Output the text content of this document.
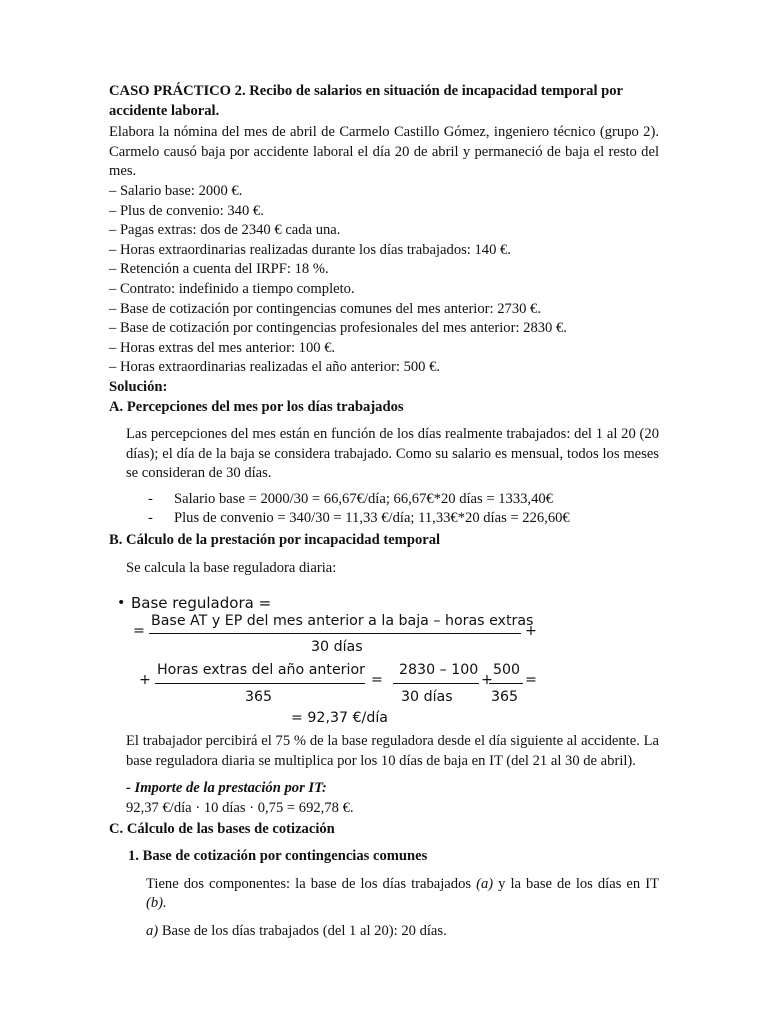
CASO PRÁCTICO 2. Recibo de salarios en situación de incapacidad temporal por
accidente laboral.

Elabora la nómina del mes de abril de Carmelo Castillo Gómez, ingeniero técnico (grupo 2). Carmelo causó baja por accidente laboral el día 20 de abril y permaneció de baja el resto del mes.

– Salario base: 2000 €.
– Plus de convenio: 340 €.
– Pagas extras: dos de 2340 € cada una.
– Horas extraordinarias realizadas durante los días trabajados: 140 €.
– Retención a cuenta del IRPF: 18 %.
– Contrato: indefinido a tiempo completo.
– Base de cotización por contingencias comunes del mes anterior: 2730 €.
– Base de cotización por contingencias profesionales del mes anterior: 2830 €.
– Horas extras del mes anterior: 100 €.
– Horas extraordinarias realizadas el año anterior: 500 €.

Solución:

A. Percepciones del mes por los días trabajados

Las percepciones del mes están en función de los días realmente trabajados: del 1 al 20 (20 días); el día de la baja se considera trabajado. Como su salario es mensual, todos los meses se consideran de 30 días.

- Salario base = 2000/30 = 66,67€/día; 66,67€*20 días = 1333,40€
- Plus de convenio = 340/30 = 11,33 €/día; 11,33€*20 días = 226,60€

B. Cálculo de la prestación por incapacidad temporal

Se calcula la base reguladora diaria:

• Base reguladora =
=
Base AT y EP del mes anterior a la baja – horas extras
30 días
+
+
Horas extras del año anterior
365
=
2830 – 100
30 días
+
500
365
=
= 92,37 €/día

El trabajador percibirá el 75 % de la base reguladora desde el día siguiente al accidente. La base reguladora diaria se multiplica por los 10 días de baja en IT (del 21 al 30 de abril).

- Importe de la prestación por IT:

92,37 €/día · 10 días · 0,75 = 692,78 €.

C. Cálculo de las bases de cotización

1. Base de cotización por contingencias comunes

Tiene dos componentes: la base de los días trabajados (a) y la base de los días en IT (b).

a) Base de los días trabajados (del 1 al 20): 20 días.
